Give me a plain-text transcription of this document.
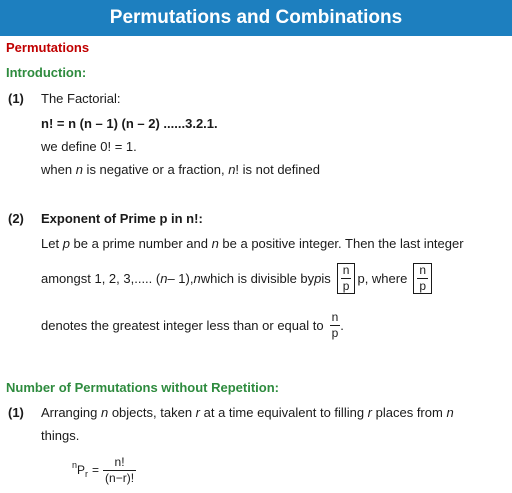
Permutations and Combinations
Permutations
Introduction:
(1) The Factorial:
n! = n (n – 1) (n – 2) ......3.2.1.
we define 0! = 1.
when n is negative or a fraction, n! is not defined
(2) Exponent of Prime p in n!:
Let p be a prime number and n be a positive integer. Then the last integer
amongst 1, 2, 3,..... ( n – 1), n which is divisible by p is $\frac{n}{p} p$, where $\frac{n}{p}$
denotes the greatest integer less than or equal to $\frac{n}{p}$ .
Number of Permutations without Repetition:
(1) Arranging n objects, taken r at a time equivalent to filling r places from n
things.
n P $r = \frac{n!}{(n-r)!}$
